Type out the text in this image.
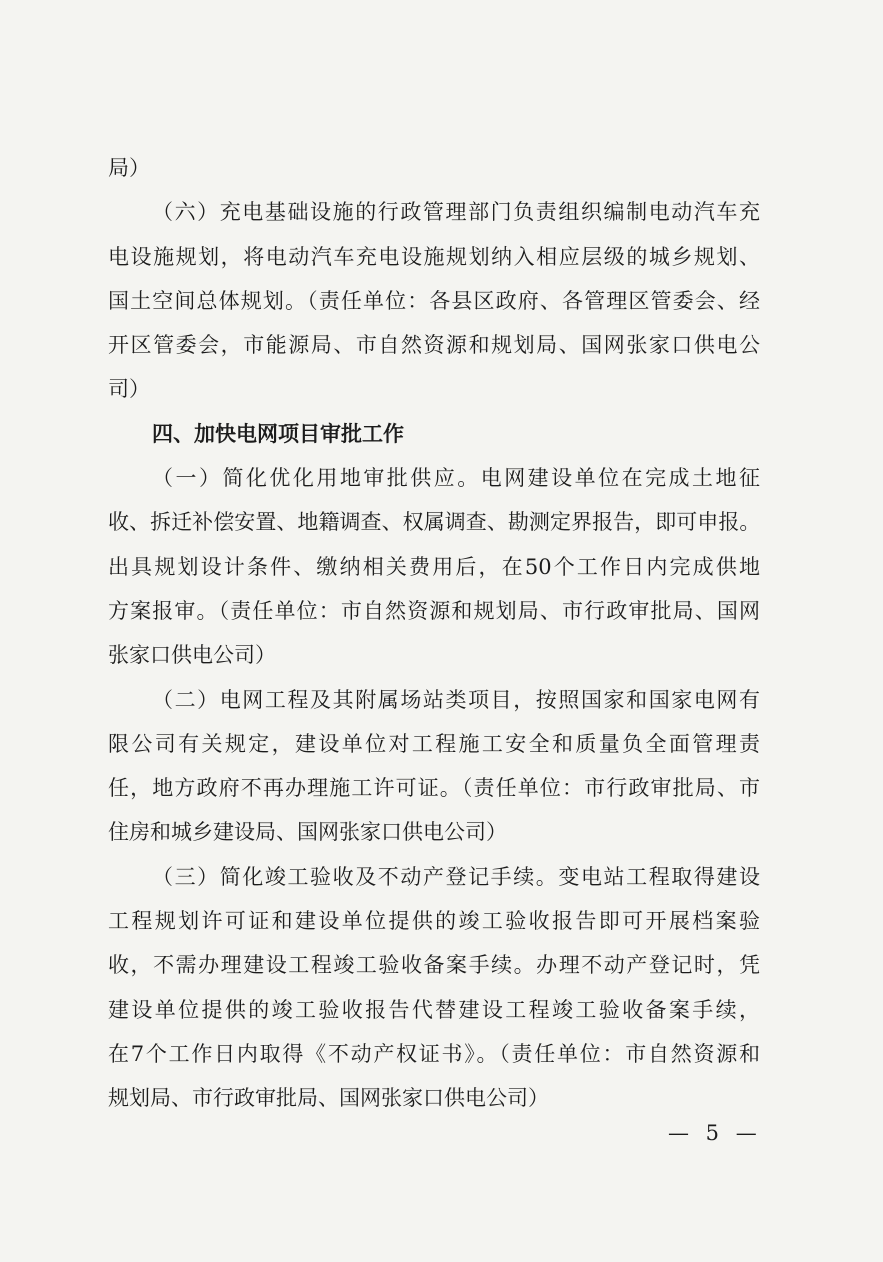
局）
（六）充电基础设施的行政管理部门负责组织编制电动汽车充
电设施规划，将电动汽车充电设施规划纳入相应层级的城乡规划、
国土空间总体规划。（责任单位：各县区政府、各管理区管委会、经
开区管委会，市能源局、市自然资源和规划局、国网张家口供电公
司）
四、加快电网项目审批工作
（一）简化优化用地审批供应。电网建设单位在完成土地征
收、拆迁补偿安置、地籍调查、权属调查、勘测定界报告，即可申报。
出具规划设计条件、缴纳相关费用后，在50个工作日内完成供地
方案报审。（责任单位：市自然资源和规划局、市行政审批局、国网
张家口供电公司）
（二）电网工程及其附属场站类项目，按照国家和国家电网有
限公司有关规定，建设单位对工程施工安全和质量负全面管理责
任，地方政府不再办理施工许可证。（责任单位：市行政审批局、市
住房和城乡建设局、国网张家口供电公司）
（三）简化竣工验收及不动产登记手续。变电站工程取得建设
工程规划许可证和建设单位提供的竣工验收报告即可开展档案验
收，不需办理建设工程竣工验收备案手续。办理不动产登记时，凭
建设单位提供的竣工验收报告代替建设工程竣工验收备案手续，
在7个工作日内取得《不动产权证书》。（责任单位：市自然资源和
规划局、市行政审批局、国网张家口供电公司）
— 5 —
